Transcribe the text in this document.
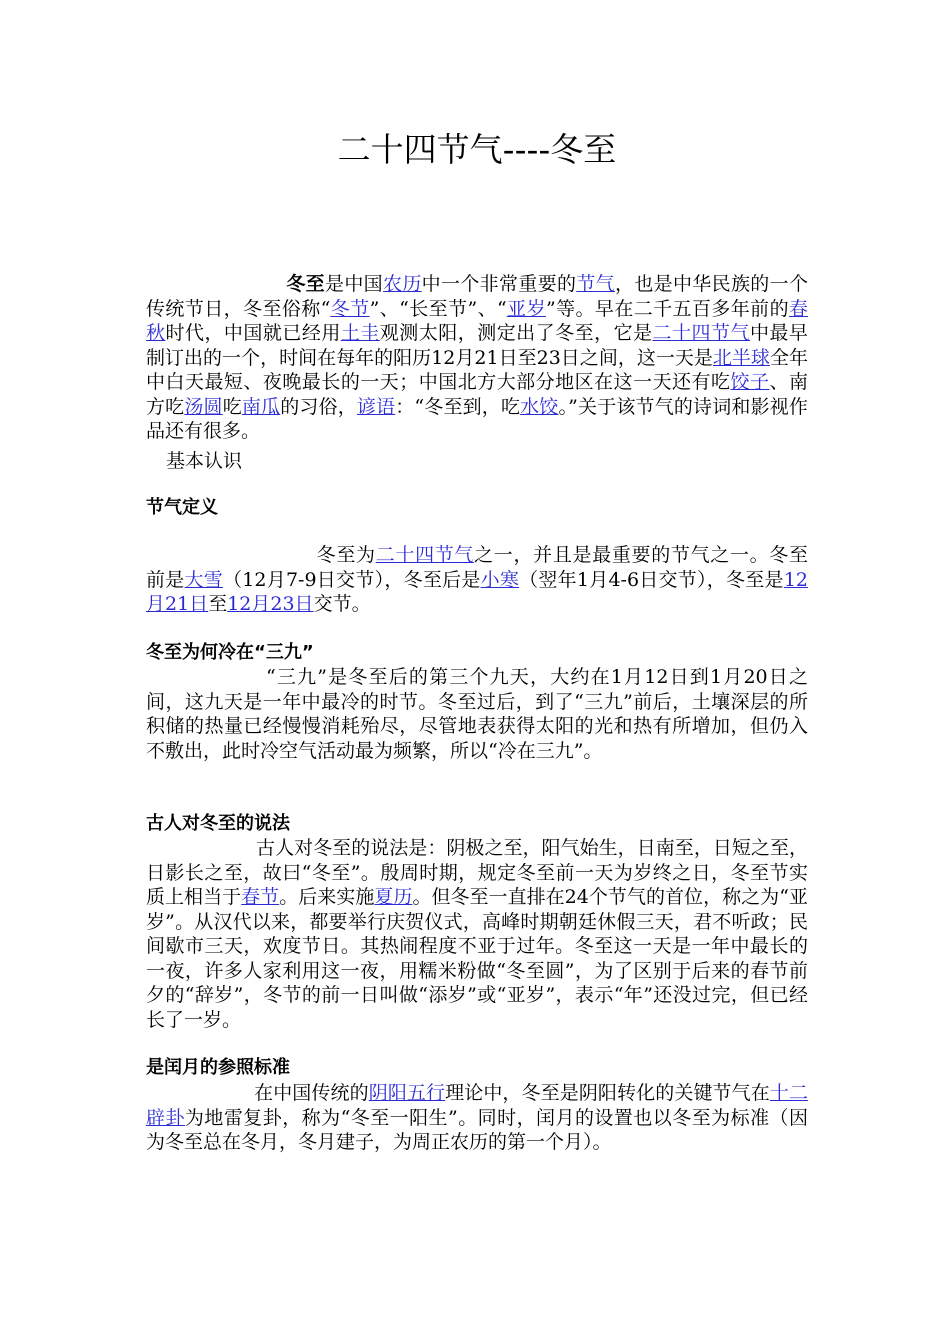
二十四节气----冬至

冬至是中国农历中一个非常重要的节气，也是中华民族的一个传统节日，冬至俗称“冬节”、“长至节”、“亚岁”等。早在二千五百多年前的春秋时代，中国就已经用土圭观测太阳，测定出了冬至，它是二十四节气中最早制订出的一个，时间在每年的阳历12月21日至23日之间，这一天是北半球全年中白天最短、夜晚最长的一天；中国北方大部分地区在这一天还有吃饺子、南方吃汤圆吃南瓜的习俗，谚语：“冬至到，吃水饺。”关于该节气的诗词和影视作品还有很多。

基本认识

节气定义

冬至为二十四节气之一，并且是最重要的节气之一。冬至前是大雪（12月7-9日交节），冬至后是小寒（翌年1月4-6日交节），冬至是12月21日至12月23日交节。

冬至为何冷在“三九”

“三九”是冬至后的第三个九天，大约在1月12日到1月20日之间，这九天是一年中最冷的时节。冬至过后，到了“三九”前后，土壤深层的所积储的热量已经慢慢消耗殆尽，尽管地表获得太阳的光和热有所增加，但仍入不敷出，此时冷空气活动最为频繁，所以“冷在三九”。

古人对冬至的说法

古人对冬至的说法是：阴极之至，阳气始生，日南至，日短之至，日影长之至，故曰“冬至”。殷周时期，规定冬至前一天为岁终之日，冬至节实质上相当于春节。后来实施夏历。但冬至一直排在24个节气的首位，称之为“亚岁”。从汉代以来，都要举行庆贺仪式，高峰时期朝廷休假三天，君不听政；民间歇市三天，欢度节日。其热闹程度不亚于过年。冬至这一天是一年中最长的一夜，许多人家利用这一夜，用糯米粉做“冬至圆”，为了区别于后来的春节前夕的“辞岁”，冬节的前一日叫做“添岁”或“亚岁”，表示“年”还没过完，但已经长了一岁。

是闰月的参照标准

在中国传统的阴阳五行理论中，冬至是阴阳转化的关键节气在十二辟卦为地雷复卦，称为“冬至一阳生”。同时，闰月的设置也以冬至为标准（因为冬至总在冬月，冬月建子，为周正农历的第一个月）。
